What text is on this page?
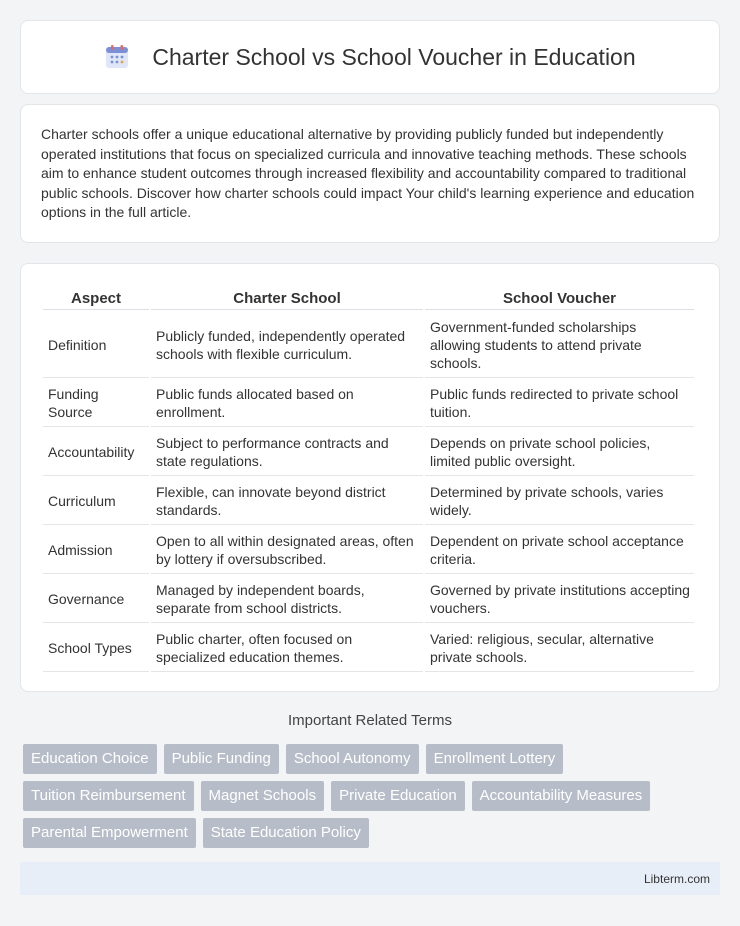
Charter School vs School Voucher in Education

Charter schools offer a unique educational alternative by providing publicly funded but independently operated institutions that focus on specialized curricula and innovative teaching methods. These schools aim to enhance student outcomes through increased flexibility and accountability compared to traditional public schools. Discover how charter schools could impact Your child's learning experience and education options in the full article.

Aspect	Charter School	School Voucher
Definition	Publicly funded, independently operated schools with flexible curriculum.	Government-funded scholarships allowing students to attend private schools.
Funding Source	Public funds allocated based on enrollment.	Public funds redirected to private school tuition.
Accountability	Subject to performance contracts and state regulations.	Depends on private school policies, limited public oversight.
Curriculum	Flexible, can innovate beyond district standards.	Determined by private schools, varies widely.
Admission	Open to all within designated areas, often by lottery if oversubscribed.	Dependent on private school acceptance criteria.
Governance	Managed by independent boards, separate from school districts.	Governed by private institutions accepting vouchers.
School Types	Public charter, often focused on specialized education themes.	Varied: religious, secular, alternative private schools.
Important Related Terms
Education Choice	Public Funding	School Autonomy	Enrollment Lottery
Tuition Reimbursement	Magnet Schools	Private Education	Accountability Measures
Parental Empowerment	State Education Policy
Libterm.com
